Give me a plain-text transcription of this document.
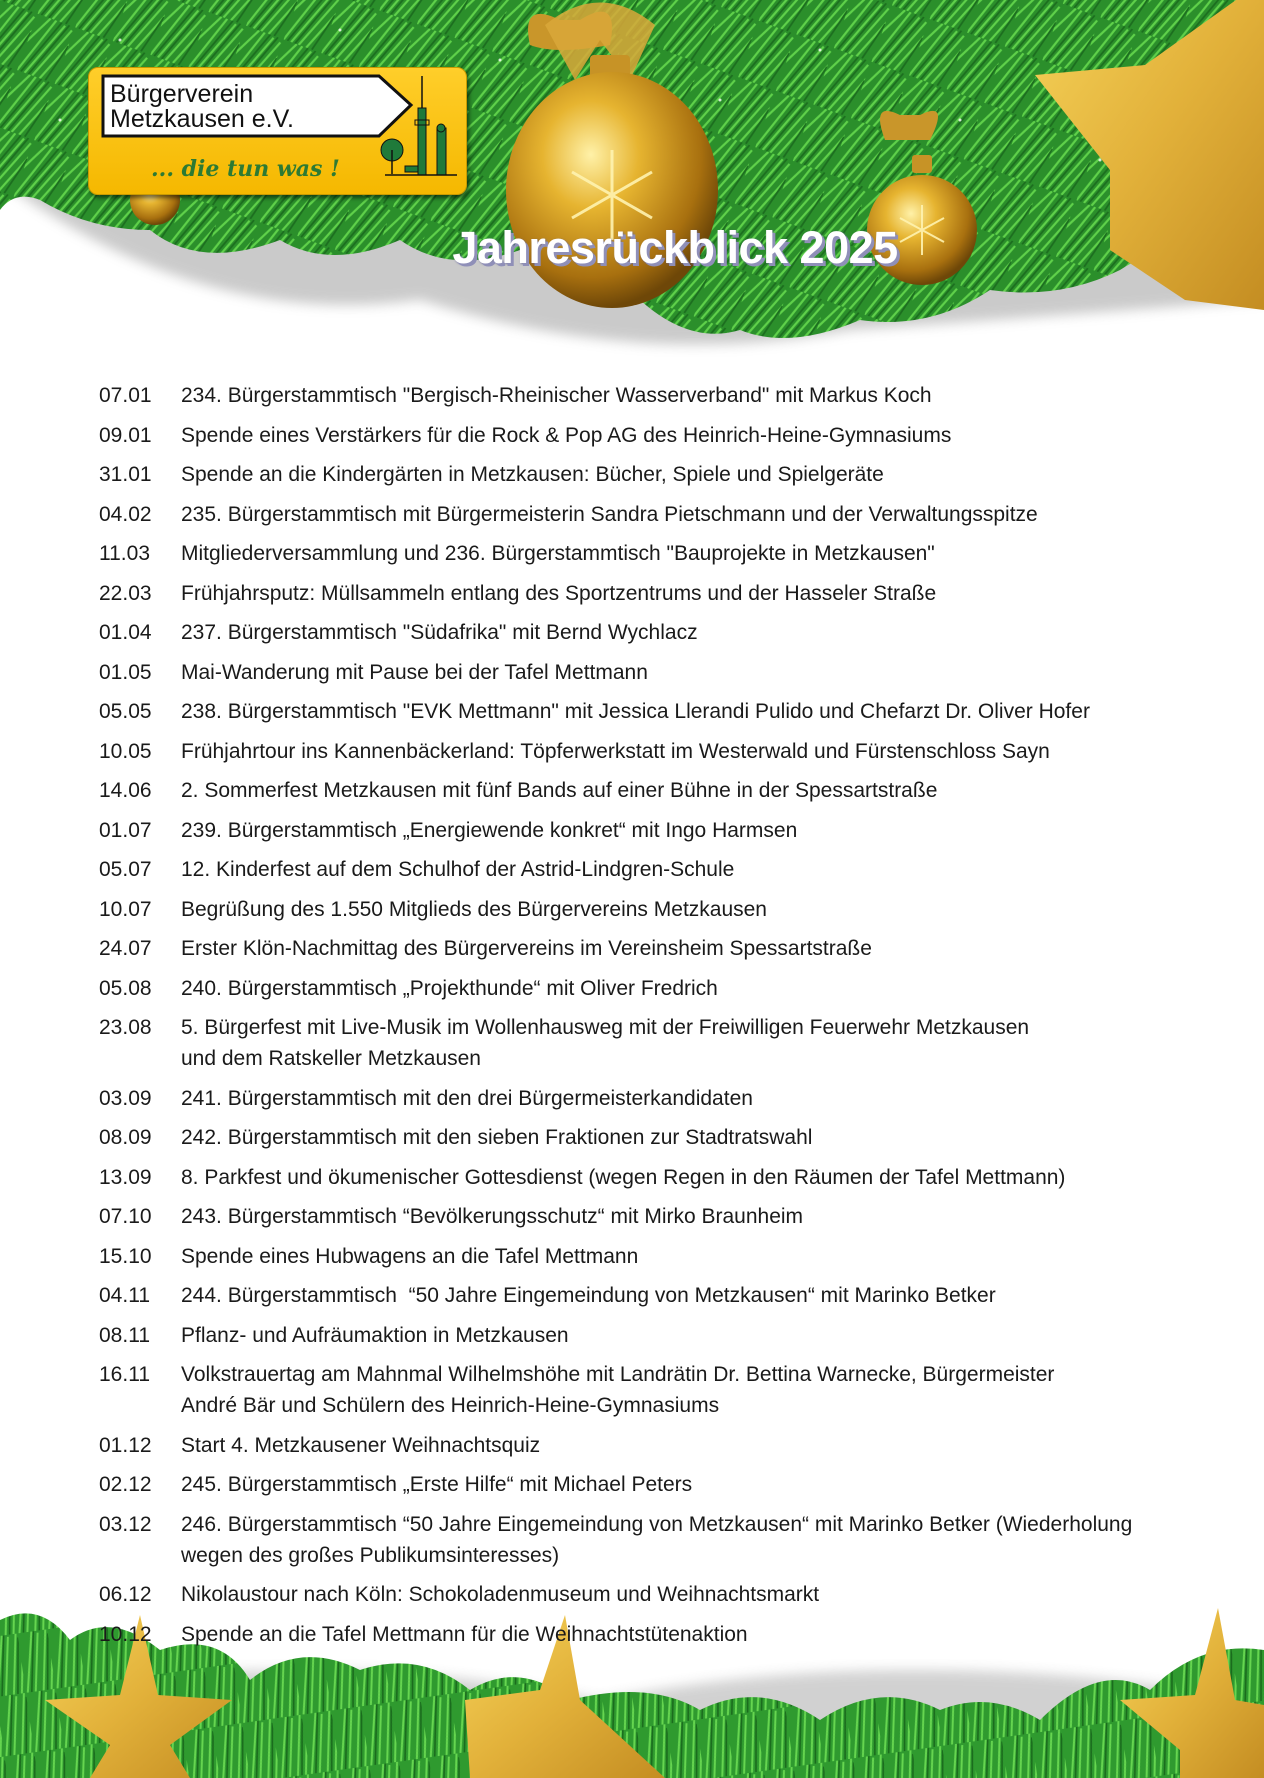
Bürgerverein
Metzkausen e.V.
... die tun was !
Jahresrückblick 2025
07.01	234. Bürgerstammtisch "Bergisch-Rheinischer Wasserverband" mit Markus Koch
09.01	Spende eines Verstärkers für die Rock & Pop AG des Heinrich-Heine-Gymnasiums
31.01	Spende an die Kindergärten in Metzkausen: Bücher, Spiele und Spielgeräte
04.02	235. Bürgerstammtisch mit Bürgermeisterin Sandra Pietschmann und der Verwaltungsspitze
11.03	Mitgliederversammlung und 236. Bürgerstammtisch "Bauprojekte in Metzkausen"
22.03	Frühjahrsputz: Müllsammeln entlang des Sportzentrums und der Hasseler Straße
01.04	237. Bürgerstammtisch "Südafrika" mit Bernd Wychlacz
01.05	Mai-Wanderung mit Pause bei der Tafel Mettmann
05.05	238. Bürgerstammtisch "EVK Mettmann" mit Jessica Llerandi Pulido und Chefarzt Dr. Oliver Hofer
10.05	Frühjahrtour ins Kannenbäckerland: Töpferwerkstatt im Westerwald und Fürstenschloss Sayn
14.06	2. Sommerfest Metzkausen mit fünf Bands auf einer Bühne in der Spessartstraße
01.07	239. Bürgerstammtisch „Energiewende konkret“ mit Ingo Harmsen
05.07	12. Kinderfest auf dem Schulhof der Astrid-Lindgren-Schule
10.07	Begrüßung des 1.550 Mitglieds des Bürgervereins Metzkausen
24.07	Erster Klön-Nachmittag des Bürgervereins im Vereinsheim Spessartstraße
05.08	240. Bürgerstammtisch „Projekthunde“ mit Oliver Fredrich
23.08	5. Bürgerfest mit Live-Musik im Wollenhausweg mit der Freiwilligen Feuerwehr Metzkausen
und dem Ratskeller Metzkausen
03.09	241. Bürgerstammtisch mit den drei Bürgermeisterkandidaten
08.09	242. Bürgerstammtisch mit den sieben Fraktionen zur Stadtratswahl
13.09	8. Parkfest und ökumenischer Gottesdienst (wegen Regen in den Räumen der Tafel Mettmann)
07.10	243. Bürgerstammtisch “Bevölkerungsschutz“ mit Mirko Braunheim
15.10	Spende eines Hubwagens an die Tafel Mettmann
04.11	244. Bürgerstammtisch  “50 Jahre Eingemeindung von Metzkausen“ mit Marinko Betker
08.11	Pflanz- und Aufräumaktion in Metzkausen
16.11	Volkstrauertag am Mahnmal Wilhelmshöhe mit Landrätin Dr. Bettina Warnecke, Bürgermeister
André Bär und Schülern des Heinrich-Heine-Gymnasiums
01.12	Start 4. Metzkausener Weihnachtsquiz
02.12	245. Bürgerstammtisch „Erste Hilfe“ mit Michael Peters
03.12	246. Bürgerstammtisch “50 Jahre Eingemeindung von Metzkausen“ mit Marinko Betker (Wiederholung
wegen des großes Publikumsinteresses)
06.12	Nikolaustour nach Köln: Schokoladenmuseum und Weihnachtsmarkt
10.12	Spende an die Tafel Mettmann für die Weihnachtstütenaktion
